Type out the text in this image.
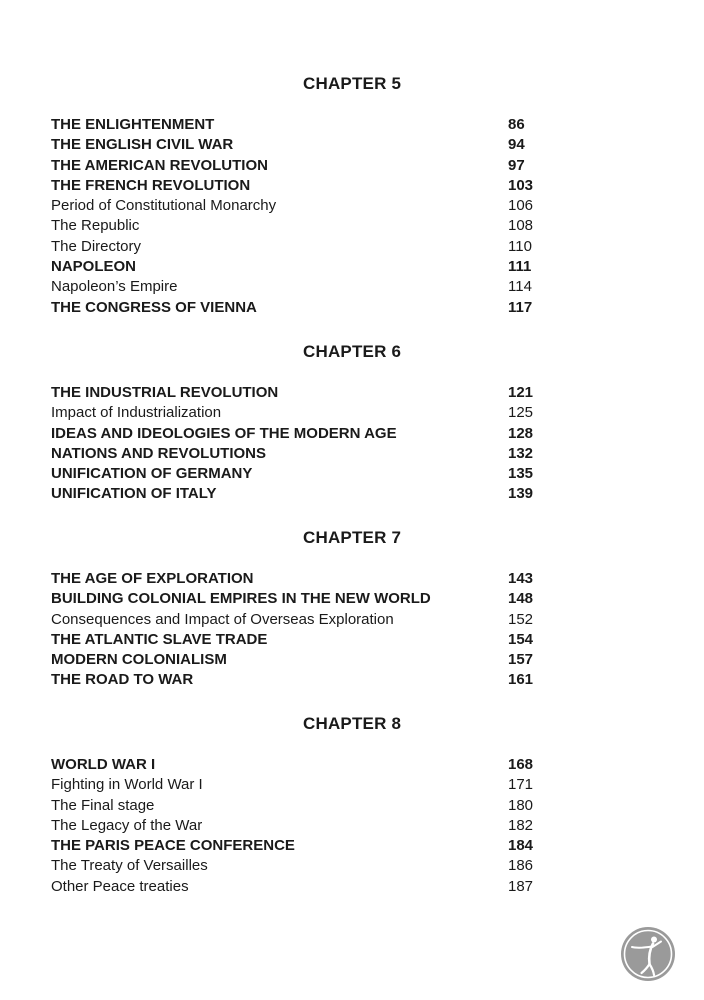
CHAPTER 5
THE ENLIGHTENMENT	86
THE ENGLISH CIVIL WAR	94
THE AMERICAN REVOLUTION	97
THE FRENCH REVOLUTION	103
Period of Constitutional Monarchy	106
The Republic	108
The Directory	110
NAPOLEON	111
Napoleon’s Empire	114
THE CONGRESS OF VIENNA	117
CHAPTER 6
THE INDUSTRIAL REVOLUTION	121
Impact of Industrialization	125
IDEAS AND IDEOLOGIES OF THE MODERN AGE	128
NATIONS AND REVOLUTIONS	132
UNIFICATION OF GERMANY	135
UNIFICATION OF ITALY	139
CHAPTER 7
THE AGE OF EXPLORATION	143
BUILDING COLONIAL EMPIRES IN THE NEW WORLD	148
Consequences and Impact of Overseas Exploration	152
THE ATLANTIC SLAVE TRADE	154
MODERN COLONIALISM	157
THE ROAD TO WAR	161
CHAPTER 8
WORLD WAR I	168
Fighting in World War I	171
The Final stage	180
The Legacy of the War	182
THE PARIS PEACE CONFERENCE	184
The Treaty of Versailles	186
Other Peace treaties	187
